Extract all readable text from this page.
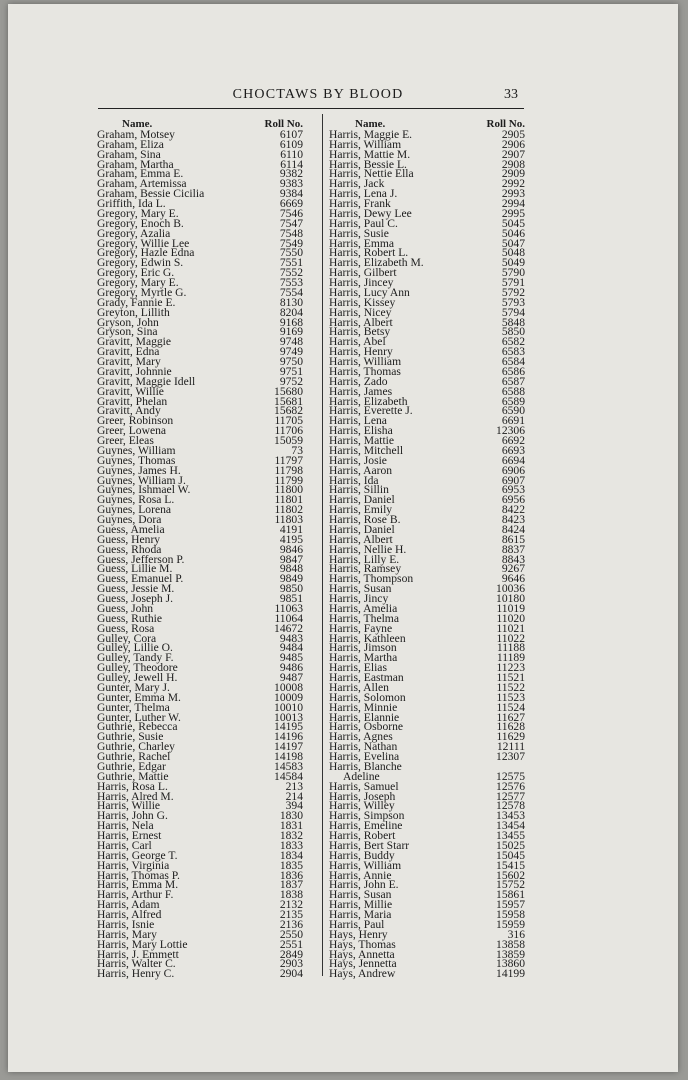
CHOCTAWS BY BLOOD	33
Name.	Roll No.
Graham, Motsey	6107
Graham, Eliza	6109
Graham, Sina	6110
Graham, Martha	6114
Graham, Emma E.	9382
Graham, Artemissa	9383
Graham, Bessie Cicilia	9384
Griffith, Ida L.	6669
Gregory, Mary E.	7546
Gregory, Enoch B.	7547
Gregory, Azalia	7548
Gregory, Willie Lee	7549
Gregory, Hazle Edna	7550
Gregory, Edwin S.	7551
Gregory, Eric G.	7552
Gregory, Mary E.	7553
Gregory, Myrtle G.	7554
Grady, Fannie E.	8130
Greyton, Lillith	8204
Gryson, John	9168
Gryson, Sina	9169
Gravitt, Maggie	9748
Gravitt, Edna	9749
Gravitt, Mary	9750
Gravitt, Johnnie	9751
Gravitt, Maggie Idell	9752
Gravitt, Willie	15680
Gravitt, Phelan	15681
Gravitt, Andy	15682
Greer, Robinson	11705
Greer, Lowena	11706
Greer, Eleas	15059
Guynes, William	73
Guynes, Thomas	11797
Guynes, James H.	11798
Guynes, William J.	11799
Guynes, Ishmael W.	11800
Guynes, Rosa L.	11801
Guynes, Lorena	11802
Guynes, Dora	11803
Guess, Amelia	4191
Guess, Henry	4195
Guess, Rhoda	9846
Guess, Jefferson P.	9847
Guess, Lillie M.	9848
Guess, Emanuel P.	9849
Guess, Jessie M.	9850
Guess, Joseph J.	9851
Guess, John	11063
Guess, Ruthie	11064
Guess, Rosa	14672
Gulley, Cora	9483
Gulley, Lillie O.	9484
Gulley, Tandy F.	9485
Gulley, Theodore	9486
Gulley, Jewell H.	9487
Gunter, Mary J.	10008
Gunter, Emma M.	10009
Gunter, Thelma	10010
Gunter, Luther W.	10013
Guthrie, Rebecca	14195
Guthrie, Susie	14196
Guthrie, Charley	14197
Guthrie, Rachel	14198
Guthrie, Edgar	14583
Guthrie, Mattie	14584
Harris, Rosa L.	213
Harris, Alred M.	214
Harris, Willie	394
Harris, John G.	1830
Harris, Nela	1831
Harris, Ernest	1832
Harris, Carl	1833
Harris, George T.	1834
Harris, Virginia	1835
Harris, Thomas P.	1836
Harris, Emma M.	1837
Harris, Arthur F.	1838
Harris, Adam	2132
Harris, Alfred	2135
Harris, Isnie	2136
Harris, Mary	2550
Harris, Mary Lottie	2551
Harris, J. Emmett	2849
Harris, Walter C.	2903
Harris, Henry C.	2904
Name.	Roll No.
Harris, Maggie E.	2905
Harris, William	2906
Harris, Mattie M.	2907
Harris, Bessie L.	2908
Harris, Nettie Ella	2909
Harris, Jack	2992
Harris, Lena J.	2993
Harris, Frank	2994
Harris, Dewy Lee	2995
Harris, Paul C.	5045
Harris, Susie	5046
Harris, Emma	5047
Harris, Robert L.	5048
Harris, Elizabeth M.	5049
Harris, Gilbert	5790
Harris, Jincey	5791
Harris, Lucy Ann	5792
Harris, Kissey	5793
Harris, Nicey	5794
Harris, Albert	5848
Harris, Betsy	5850
Harris, Abel	6582
Harris, Henry	6583
Harris, William	6584
Harris, Thomas	6586
Harris, Zado	6587
Harris, James	6588
Harris, Elizabeth	6589
Harris, Everette J.	6590
Harris, Lena	6691
Harris, Elisha	12306
Harris, Mattie	6692
Harris, Mitchell	6693
Harris, Josie	6694
Harris, Aaron	6906
Harris, Ida	6907
Harris, Sillin	6953
Harris, Daniel	6956
Harris, Emily	8422
Harris, Rose B.	8423
Harris, Daniel	8424
Harris, Albert	8615
Harris, Nellie H.	8837
Harris, Lilly E.	8843
Harris, Ramsey	9267
Harris, Thompson	9646
Harris, Susan	10036
Harris, Jincy	10180
Harris, Amelia	11019
Harris, Thelma	11020
Harris, Fayne	11021
Harris, Kathleen	11022
Harris, Jimson	11188
Harris, Martha	11189
Harris, Elias	11223
Harris, Eastman	11521
Harris, Allen	11522
Harris, Solomon	11523
Harris, Minnie	11524
Harris, Elannie	11627
Harris, Osborne	11628
Harris, Agnes	11629
Harris, Nathan	12111
Harris, Evelina	12307
Harris, Blanche
Adeline	12575
Harris, Samuel	12576
Harris, Joseph	12577
Harris, Willey	12578
Harris, Simpson	13453
Harris, Emeline	13454
Harris, Robert	13455
Harris, Bert Starr	15025
Harris, Buddy	15045
Harris, William	15415
Harris, Annie	15602
Harris, John E.	15752
Harris, Susan	15861
Harris, Millie	15957
Harris, Maria	15958
Harris, Paul	15959
Hays, Henry	316
Hays, Thomas	13858
Hays, Annetta	13859
Hays, Jennetta	13860
Hays, Andrew	14199
